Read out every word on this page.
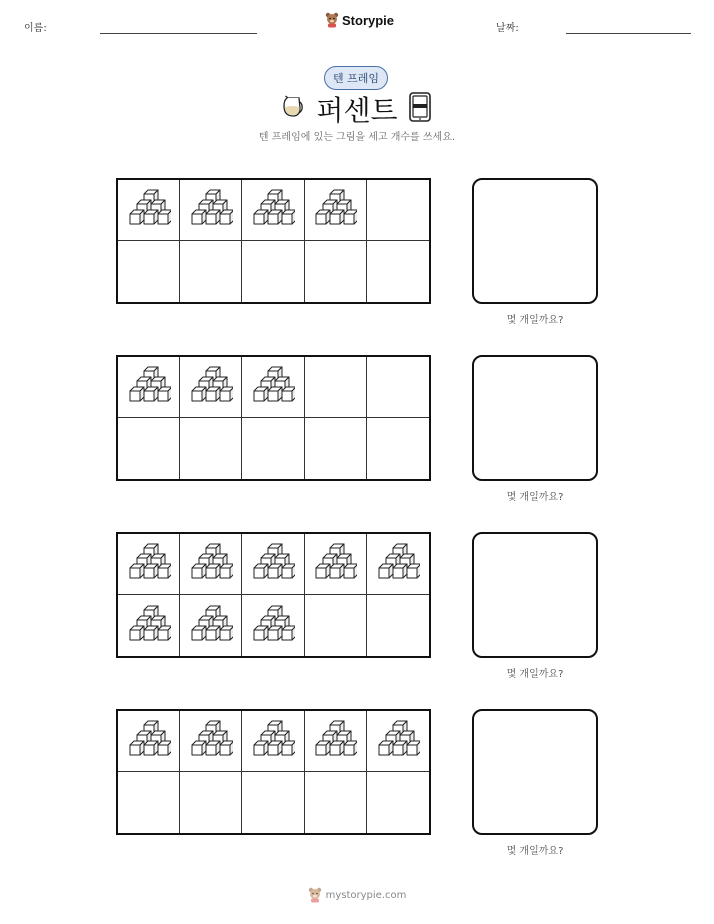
이름:
Storypie
날짜:
텐 프레임
퍼센트
텐 프레임에 있는 그림을 세고 개수를 쓰세요.
몇 개일까요?
몇 개일까요?
몇 개일까요?
몇 개일까요?
mystorypie.com
